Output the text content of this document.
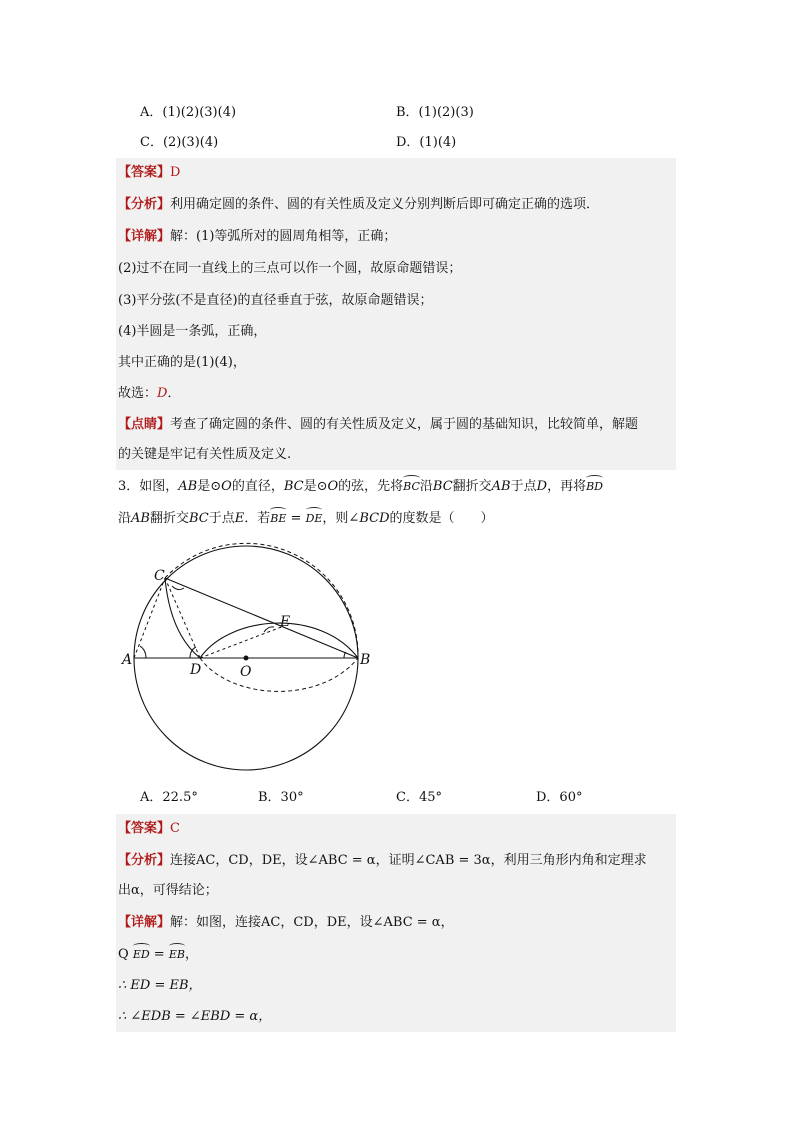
A．(1)(2)(3)(4)	B．(1)(2)(3)
C．(2)(3)(4)	D．(1)(4)
【答案】D
【分析】利用确定圆的条件、圆的有关性质及定义分别判断后即可确定正确的选项．
【详解】解：(1)等弧所对的圆周角相等，正确；
(2)过不在同一直线上的三点可以作一个圆，故原命题错误；
(3)平分弦(不是直径)的直径垂直于弦，故原命题错误；
(4)半圆是一条弧，正确，
其中正确的是(1)(4)，
故选：D．
【点睛】考查了确定圆的条件、圆的有关性质及定义，属于圆的基础知识，比较简单，解题
的关键是牢记有关性质及定义.
3．如图，AB是⊙O的直径，BC是⊙O的弦，先将BC沿BC翻折交AB于点D，再将BD
沿AB翻折交BC于点E．若BE = DE，则∠BCD的度数是（　　）
C
A
D	O
E
B
A．22.5°	B．30°	C．45°	D．60°
【答案】C
【分析】连接AC，CD，DE，设∠ABC = α，证明∠CAB = 3α，利用三角形内角和定理求
出α，可得结论；
【详解】解：如图，连接AC，CD，DE，设∠ABC = α，
Q ED = EB，
∴ ED = EB，
∴ ∠EDB = ∠EBD = α，
